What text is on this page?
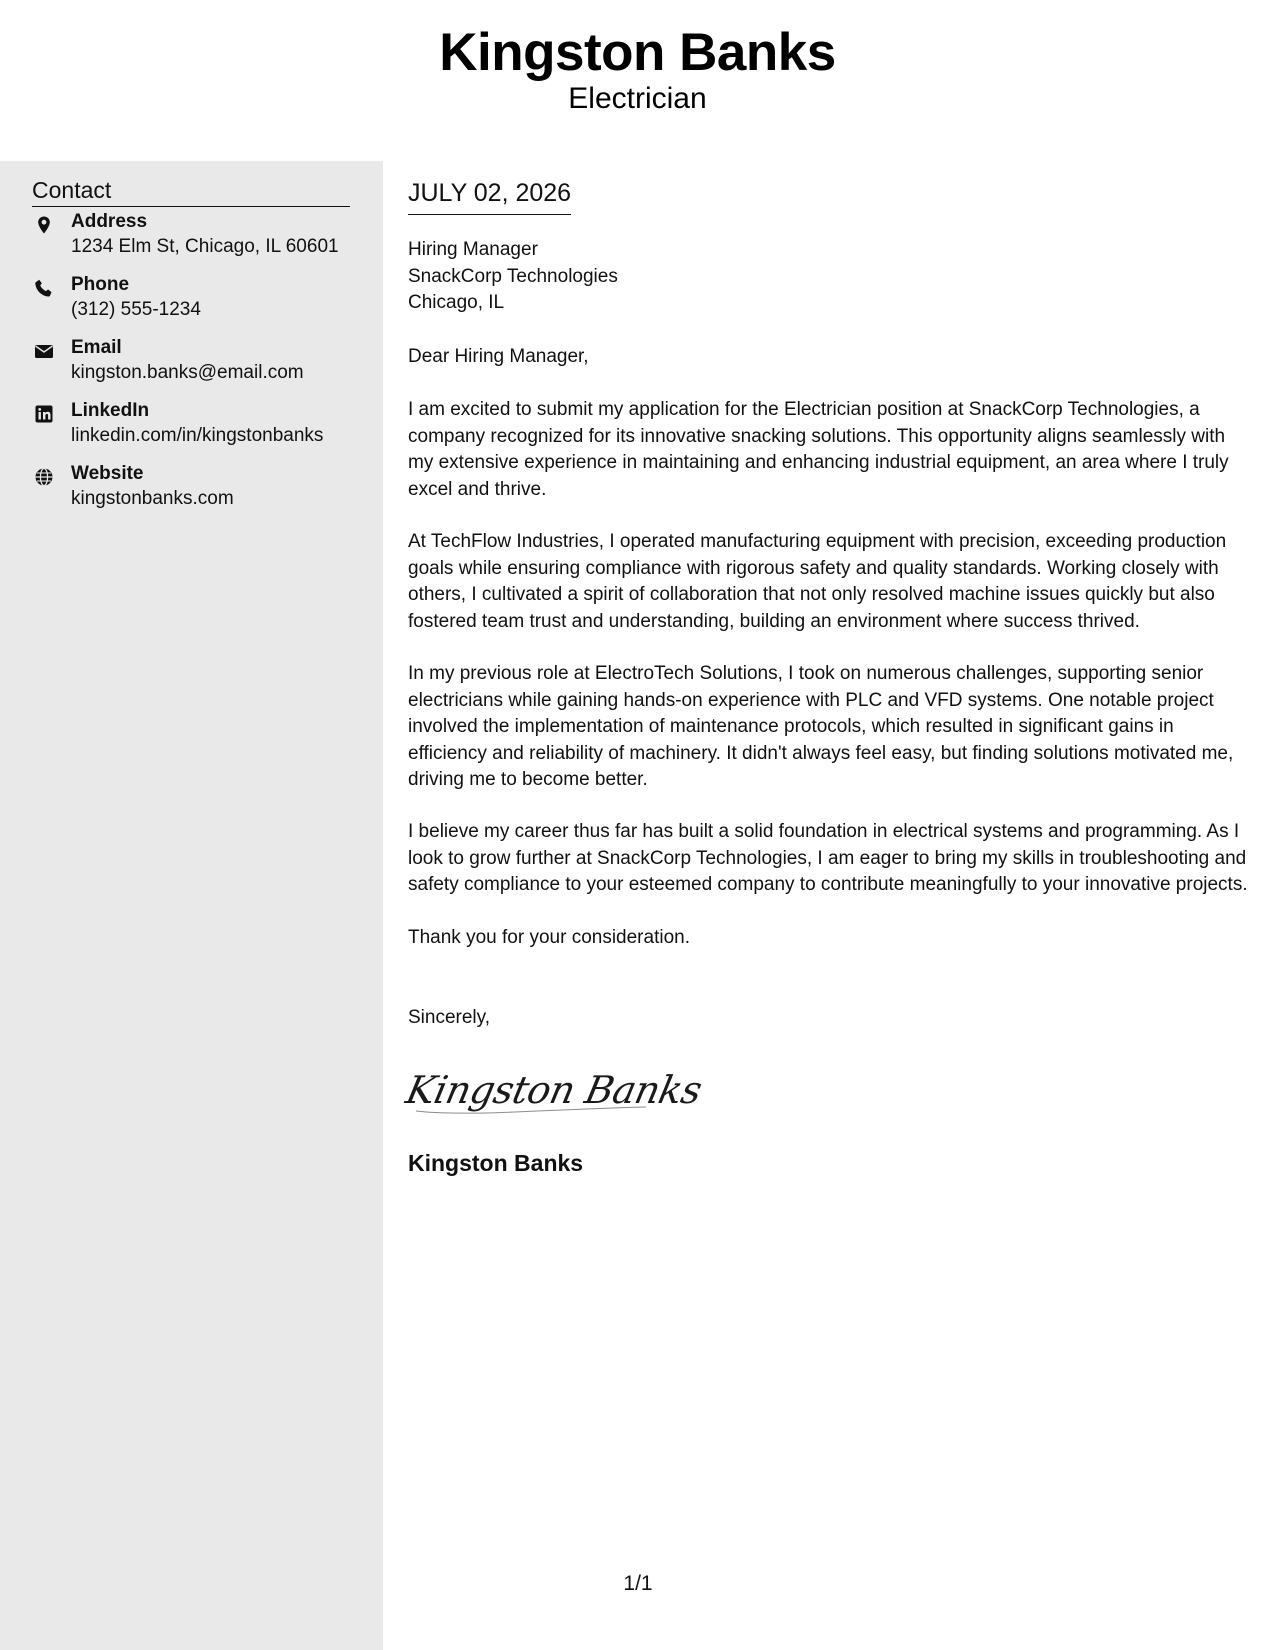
Kingston Banks
Electrician
Contact
Address
1234 Elm St, Chicago, IL 60601
Phone
(312) 555-1234
Email
kingston.banks@email.com
LinkedIn
linkedin.com/in/kingstonbanks
Website
kingstonbanks.com
JULY 02, 2026
Hiring Manager
SnackCorp Technologies
Chicago, IL

Dear Hiring Manager,

I am excited to submit my application for the Electrician position at SnackCorp Technologies, a company recognized for its innovative snacking solutions. This opportunity aligns seamlessly with my extensive experience in maintaining and enhancing industrial equipment, an area where I truly excel and thrive.

At TechFlow Industries, I operated manufacturing equipment with precision, exceeding production goals while ensuring compliance with rigorous safety and quality standards. Working closely with others, I cultivated a spirit of collaboration that not only resolved machine issues quickly but also fostered team trust and understanding, building an environment where success thrived.

In my previous role at ElectroTech Solutions, I took on numerous challenges, supporting senior electricians while gaining hands-on experience with PLC and VFD systems. One notable project involved the implementation of maintenance protocols, which resulted in significant gains in efficiency and reliability of machinery. It didn't always feel easy, but finding solutions motivated me, driving me to become better.

I believe my career thus far has built a solid foundation in electrical systems and programming. As I look to grow further at SnackCorp Technologies, I am eager to bring my skills in troubleshooting and safety compliance to your esteemed company to contribute meaningfully to your innovative projects.

Thank you for your consideration.

Sincerely,

Kingston Banks
Kingston Banks
1/1
